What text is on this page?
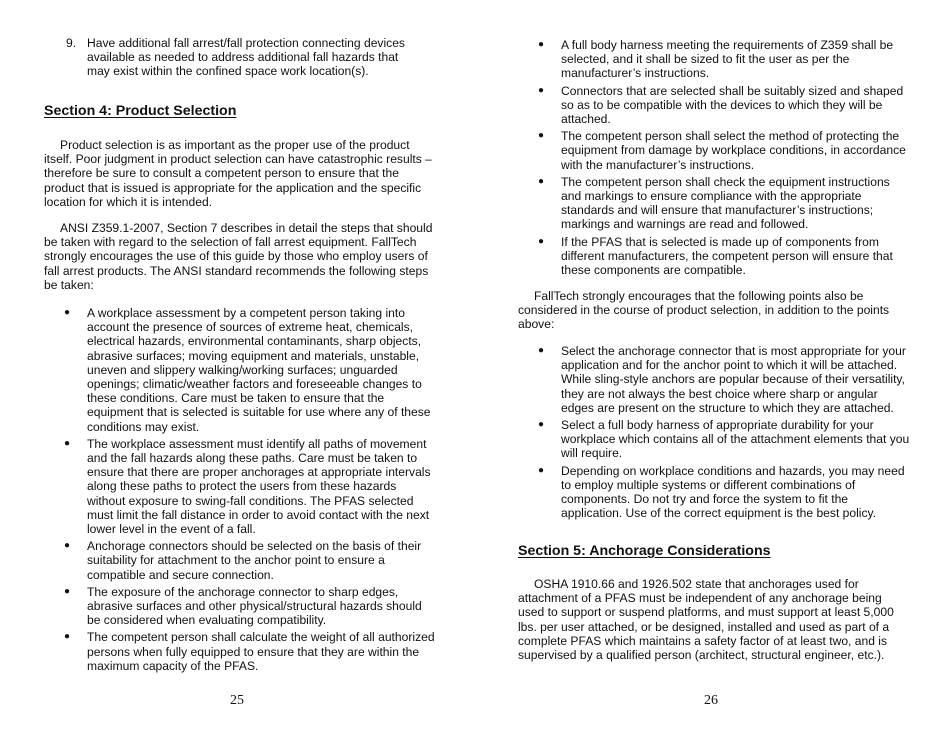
9. Have additional fall arrest/fall protection connecting devices available as needed to address additional fall hazards that may exist within the confined space work location(s).
Section 4: Product Selection
Product selection is as important as the proper use of the product itself. Poor judgment in product selection can have catastrophic results – therefore be sure to consult a competent person to ensure that the product that is issued is appropriate for the application and the specific location for which it is intended.
ANSI Z359.1-2007, Section 7 describes in detail the steps that should be taken with regard to the selection of fall arrest equipment. FallTech strongly encourages the use of this guide by those who employ users of fall arrest products. The ANSI standard recommends the following steps be taken:
● A workplace assessment by a competent person taking into account the presence of sources of extreme heat, chemicals, electrical hazards, environmental contaminants, sharp objects, abrasive surfaces; moving equipment and materials, unstable, uneven and slippery walking/working surfaces; unguarded openings; climatic/weather factors and foreseeable changes to these conditions. Care must be taken to ensure that the equipment that is selected is suitable for use where any of these conditions may exist.
● The workplace assessment must identify all paths of movement and the fall hazards along these paths. Care must be taken to ensure that there are proper anchorages at appropriate intervals along these paths to protect the users from these hazards without exposure to swing-fall conditions. The PFAS selected must limit the fall distance in order to avoid contact with the next lower level in the event of a fall.
● Anchorage connectors should be selected on the basis of their suitability for attachment to the anchor point to ensure a compatible and secure connection.
● The exposure of the anchorage connector to sharp edges, abrasive surfaces and other physical/structural hazards should be considered when evaluating compatibility.
● The competent person shall calculate the weight of all authorized persons when fully equipped to ensure that they are within the maximum capacity of the PFAS.
25
● A full body harness meeting the requirements of Z359 shall be selected, and it shall be sized to fit the user as per the manufacturer’s instructions.
● Connectors that are selected shall be suitably sized and shaped so as to be compatible with the devices to which they will be attached.
● The competent person shall select the method of protecting the equipment from damage by workplace conditions, in accordance with the manufacturer’s instructions.
● The competent person shall check the equipment instructions and markings to ensure compliance with the appropriate standards and will ensure that manufacturer’s instructions; markings and warnings are read and followed.
● If the PFAS that is selected is made up of components from different manufacturers, the competent person will ensure that these components are compatible.
FallTech strongly encourages that the following points also be considered in the course of product selection, in addition to the points above:
● Select the anchorage connector that is most appropriate for your application and for the anchor point to which it will be attached. While sling-style anchors are popular because of their versatility, they are not always the best choice where sharp or angular edges are present on the structure to which they are attached.
● Select a full body harness of appropriate durability for your workplace which contains all of the attachment elements that you will require.
● Depending on workplace conditions and hazards, you may need to employ multiple systems or different combinations of components. Do not try and force the system to fit the application. Use of the correct equipment is the best policy.
Section 5: Anchorage Considerations
OSHA 1910.66 and 1926.502 state that anchorages used for attachment of a PFAS must be independent of any anchorage being used to support or suspend platforms, and must support at least 5,000 lbs. per user attached, or be designed, installed and used as part of a complete PFAS which maintains a safety factor of at least two, and is supervised by a qualified person (architect, structural engineer, etc.).
26
